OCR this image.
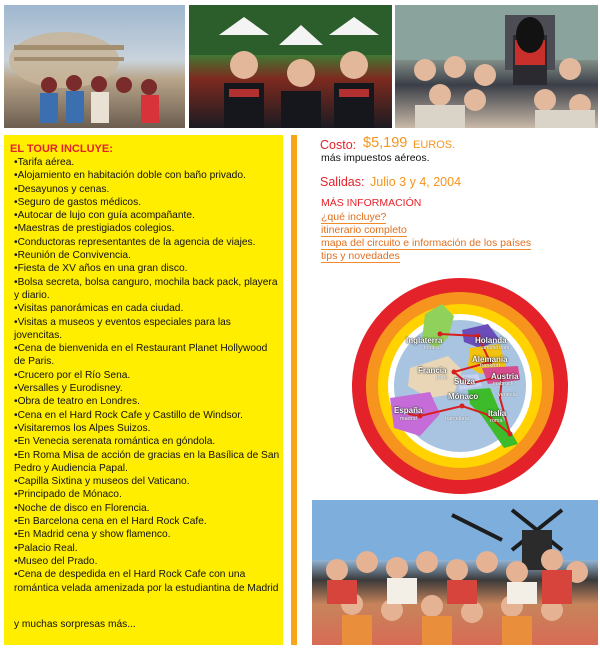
EL TOUR INCLUYE:
•Tarifa aérea.
•Alojamiento en habitación doble con baño privado.
•Desayunos y cenas.
•Seguro de gastos médicos.
•Autocar de lujo con guía acompañante.
•Maestras de prestigiados colegios.
•Conductoras representantes de la agencia de viajes.
•Reunión de Convivencia.
•Fiesta de XV años en una gran disco.
•Bolsa secreta, bolsa canguro, mochila back pack, playera y diario.
•Visitas panorámicas en cada ciudad.
•Visitas a museos y eventos especiales para las jovencitas.
•Cena de bienvenida en el Restaurant Planet Hollywood de Paris.
•Crucero por el Río Sena.
•Versalles y Eurodisney.
•Obra de teatro en Londres.
•Cena en el Hard Rock Cafe y Castillo de Windsor.
•Visitaremos los Alpes Suizos.
•En Venecia serenata romántica en góndola.
•En Roma Misa de acción de gracias en la Basílica de San Pedro y Audiencia Papal.
•Capilla Sixtina y museos del Vaticano.
•Principado de Mónaco.
•Noche de disco en Florencia.
•En Barcelona cena en el Hard Rock Cafe.
•En Madrid cena y show flamenco.
•Palacio Real.
•Museo del Prado.
•Cena de despedida en el Hard Rock Cafe con una romántica velada amenizada por la estudiantina de Madrid
y muchas sorpresas más...
Costo: $5,199 EUROS.
más impuestos aéreos.
Salidas: Julio 3 y 4, 2004
MÁS INFORMACIÓN
¿qué incluye?
itinerario completo
mapa del circuito e información de los países
tips y novedades
Inglaterra	Holanda
Alemania
Francia
Suiza
Austria
Mónaco
España	Italia
londres	amsterdam
frankfurt
paris
insbruck
venecia
barcelona
madrid	roma
